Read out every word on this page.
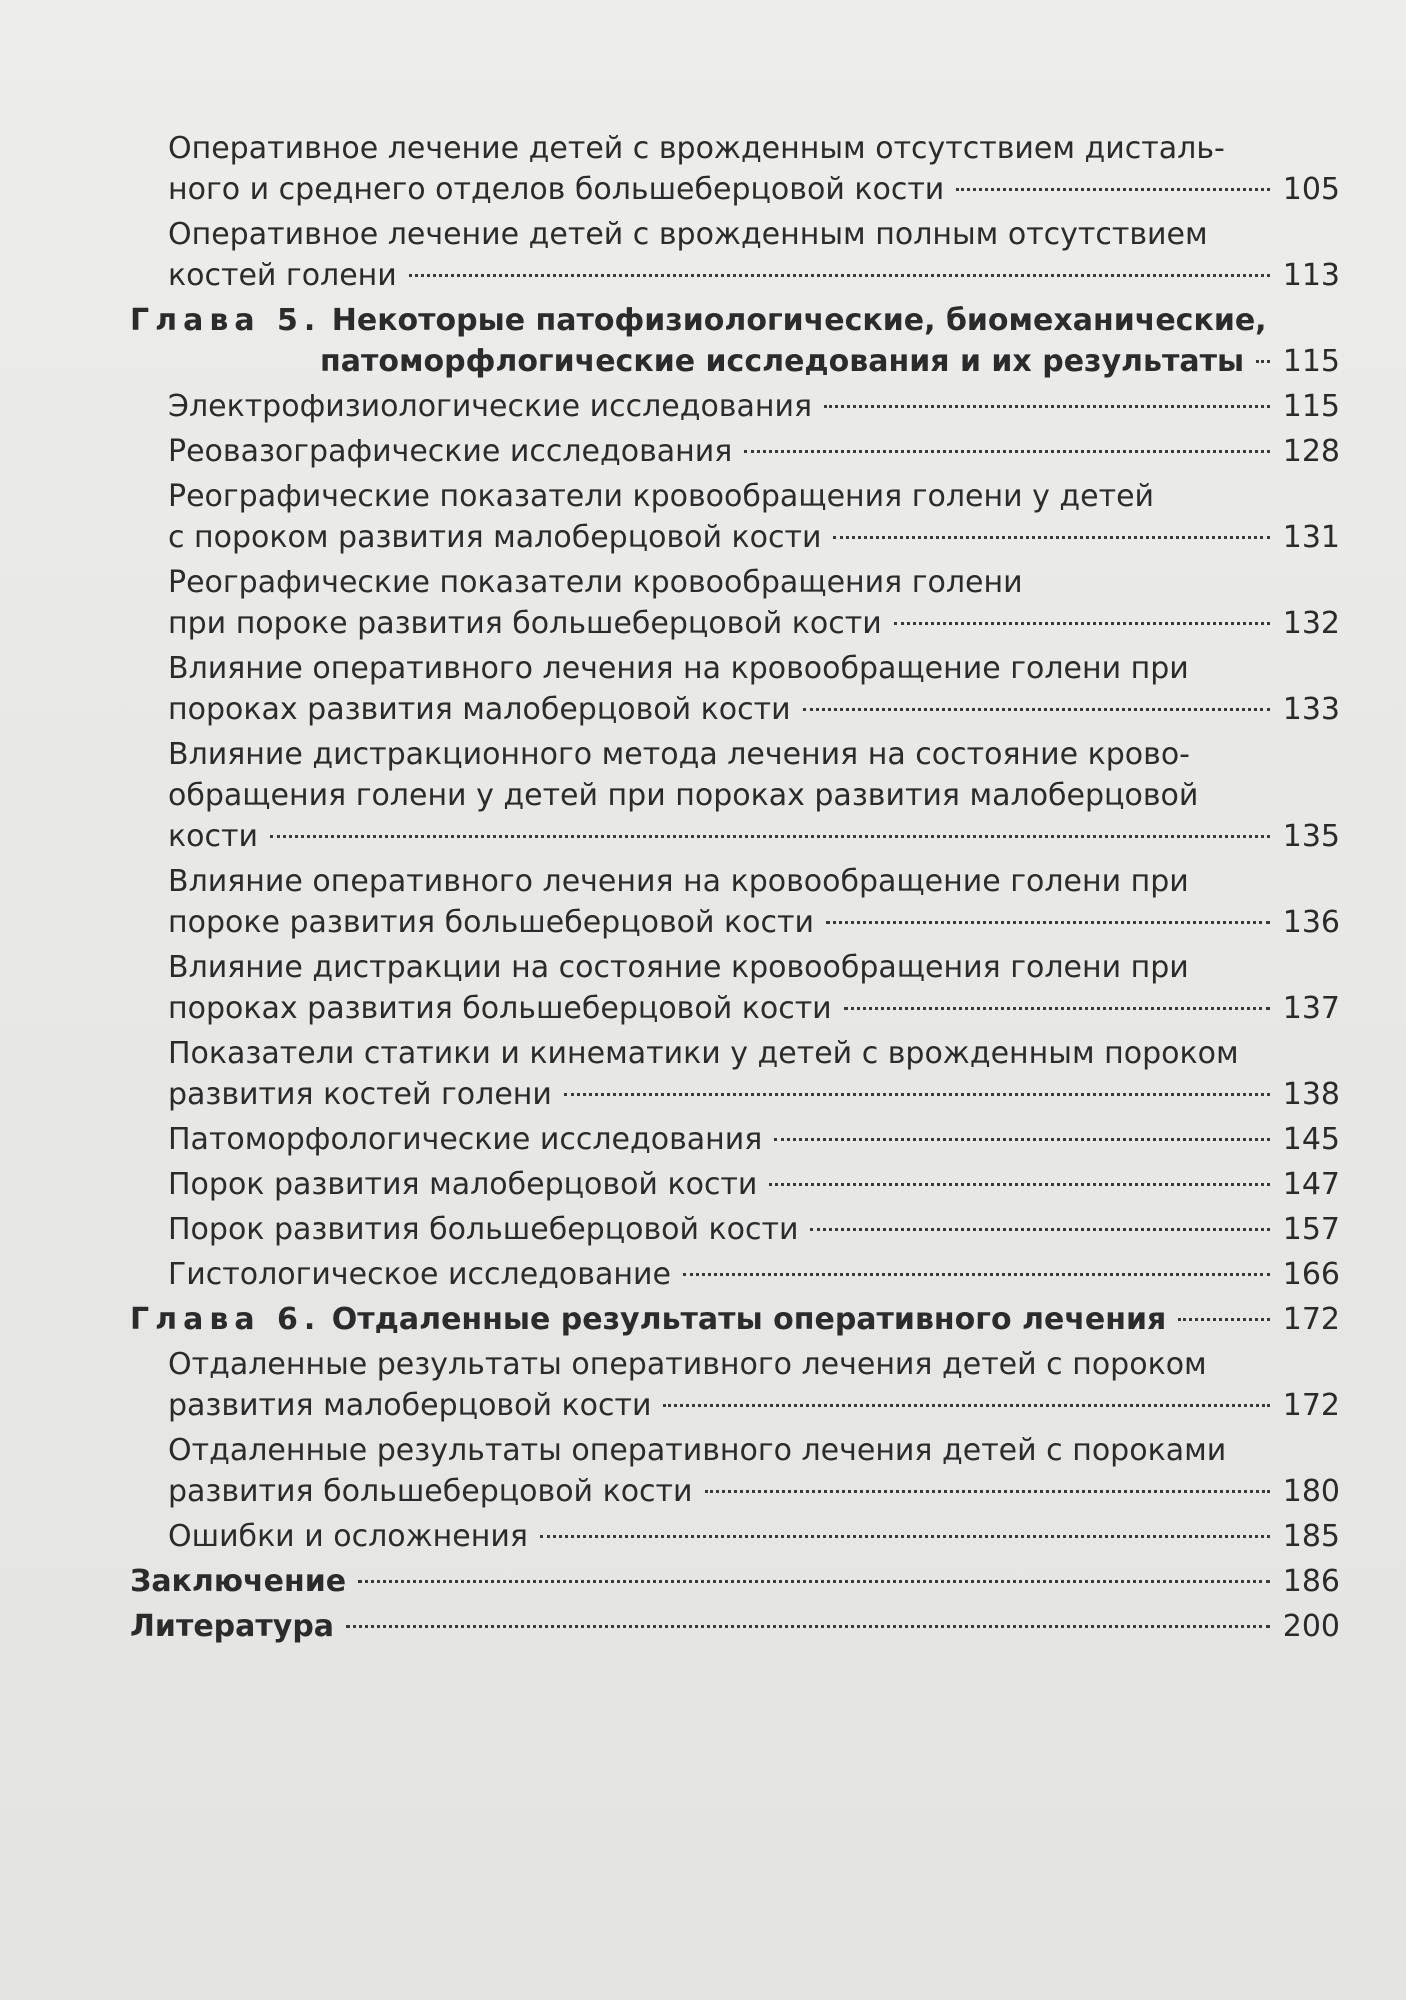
Оперативное лечение детей с врожденным отсутствием дисталь-
ного и среднего отделов большеберцовой кости	105
Оперативное лечение детей с врожденным полным отсутствием
костей голени	113
Глава 5. Некоторые патофизиологические, биомеханические,
патоморфлогические исследования и их результаты 115
Электрофизиологические исследования	115
Реовазографические исследования	128
Реографические показатели кровообращения голени у детей
с пороком развития малоберцовой кости	131
Реографические показатели кровообращения голени
при пороке развития большеберцовой кости	132
Влияние оперативного лечения на кровообращение голени при
пороках развития малоберцовой кости	133
Влияние дистракционного метода лечения на состояние крово-
обращения голени у детей при пороках развития малоберцовой
кости	135
Влияние оперативного лечения на кровообращение голени при
пороке развития большеберцовой кости	136
Влияние дистракции на состояние кровообращения голени при
пороках развития большеберцовой кости	137
Показатели статики и кинематики у детей с врожденным пороком
развития костей голени	138
Патоморфологические исследования	145
Порок развития малоберцовой кости	147
Порок развития большеберцовой кости	157
Гистологическое исследование	166
Глава 6.
Отдаленные результаты оперативного лечения	172
Отдаленные результаты оперативного лечения детей с пороком
развития малоберцовой кости	172
Отдаленные результаты оперативного лечения детей с пороками
развития большеберцовой кости	180
Ошибки и осложнения	185
Заключение	186
Литература	200
